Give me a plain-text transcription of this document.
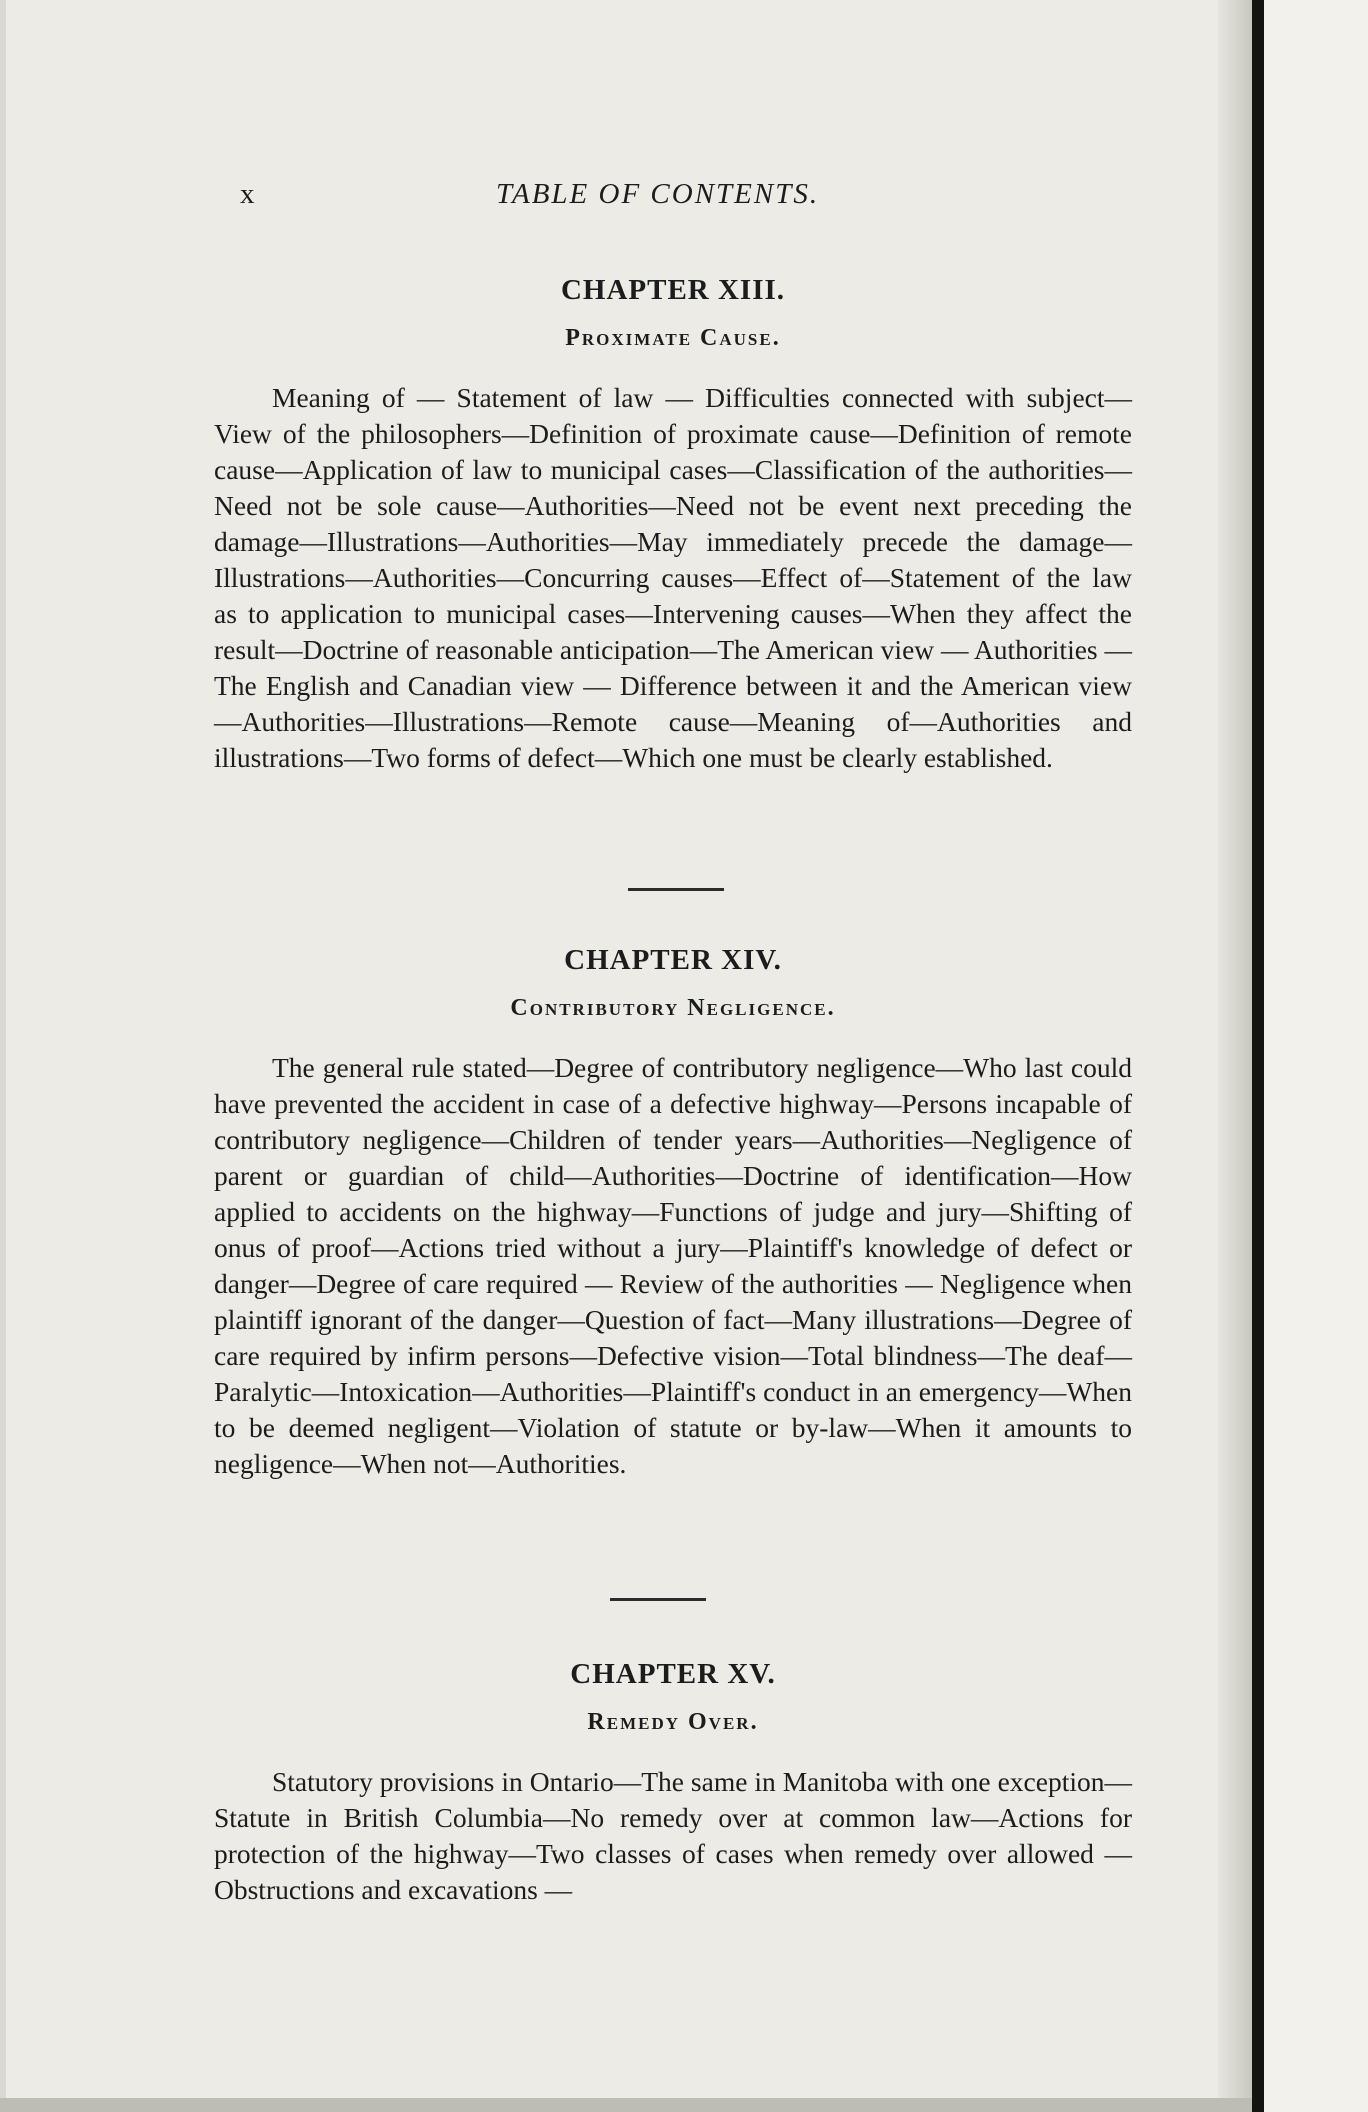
x	TABLE OF CONTENTS.
CHAPTER XIII.
Proximate Cause.

Meaning of — Statement of law — Difficulties connected with subject—View of the philosophers—Definition of proximate cause—Definition of remote cause—Application of law to municipal cases—Classification of the authorities—Need not be sole cause—Authorities—Need not be event next preceding the damage—Illustrations—Authorities—May immediately precede the damage—Illustrations—Authorities—Concurring causes—Effect of—Statement of the law as to application to municipal cases—Intervening causes—When they affect the result—Doctrine of reasonable anticipation—The American view — Authorities — The English and Canadian view — Difference between it and the American view—Authorities—Illustrations—Remote cause—Meaning of—Authorities and illustrations—Two forms of defect—Which one must be clearly established.

CHAPTER XIV.
Contributory Negligence.

The general rule stated—Degree of contributory negligence—Who last could have prevented the accident in case of a defective highway—Persons incapable of contributory negligence—Children of tender years—Authorities—Negligence of parent or guardian of child—Authorities—Doctrine of identification—How applied to accidents on the highway—Functions of judge and jury—Shifting of onus of proof—Actions tried without a jury—Plaintiff's knowledge of defect or danger—Degree of care required — Review of the authorities — Negligence when plaintiff ignorant of the danger—Question of fact—Many illustrations—Degree of care required by infirm persons—Defective vision—Total blindness—The deaf—Paralytic—Intoxication—Authorities—Plaintiff's conduct in an emergency—When to be deemed negligent—Violation of statute or by-law—When it amounts to negligence—When not—Authorities.

CHAPTER XV.
Remedy Over.

Statutory provisions in Ontario—The same in Manitoba with one exception—Statute in British Columbia—No remedy over at common law—Actions for protection of the highway—Two classes of cases when remedy over allowed — Obstructions and excavations —
